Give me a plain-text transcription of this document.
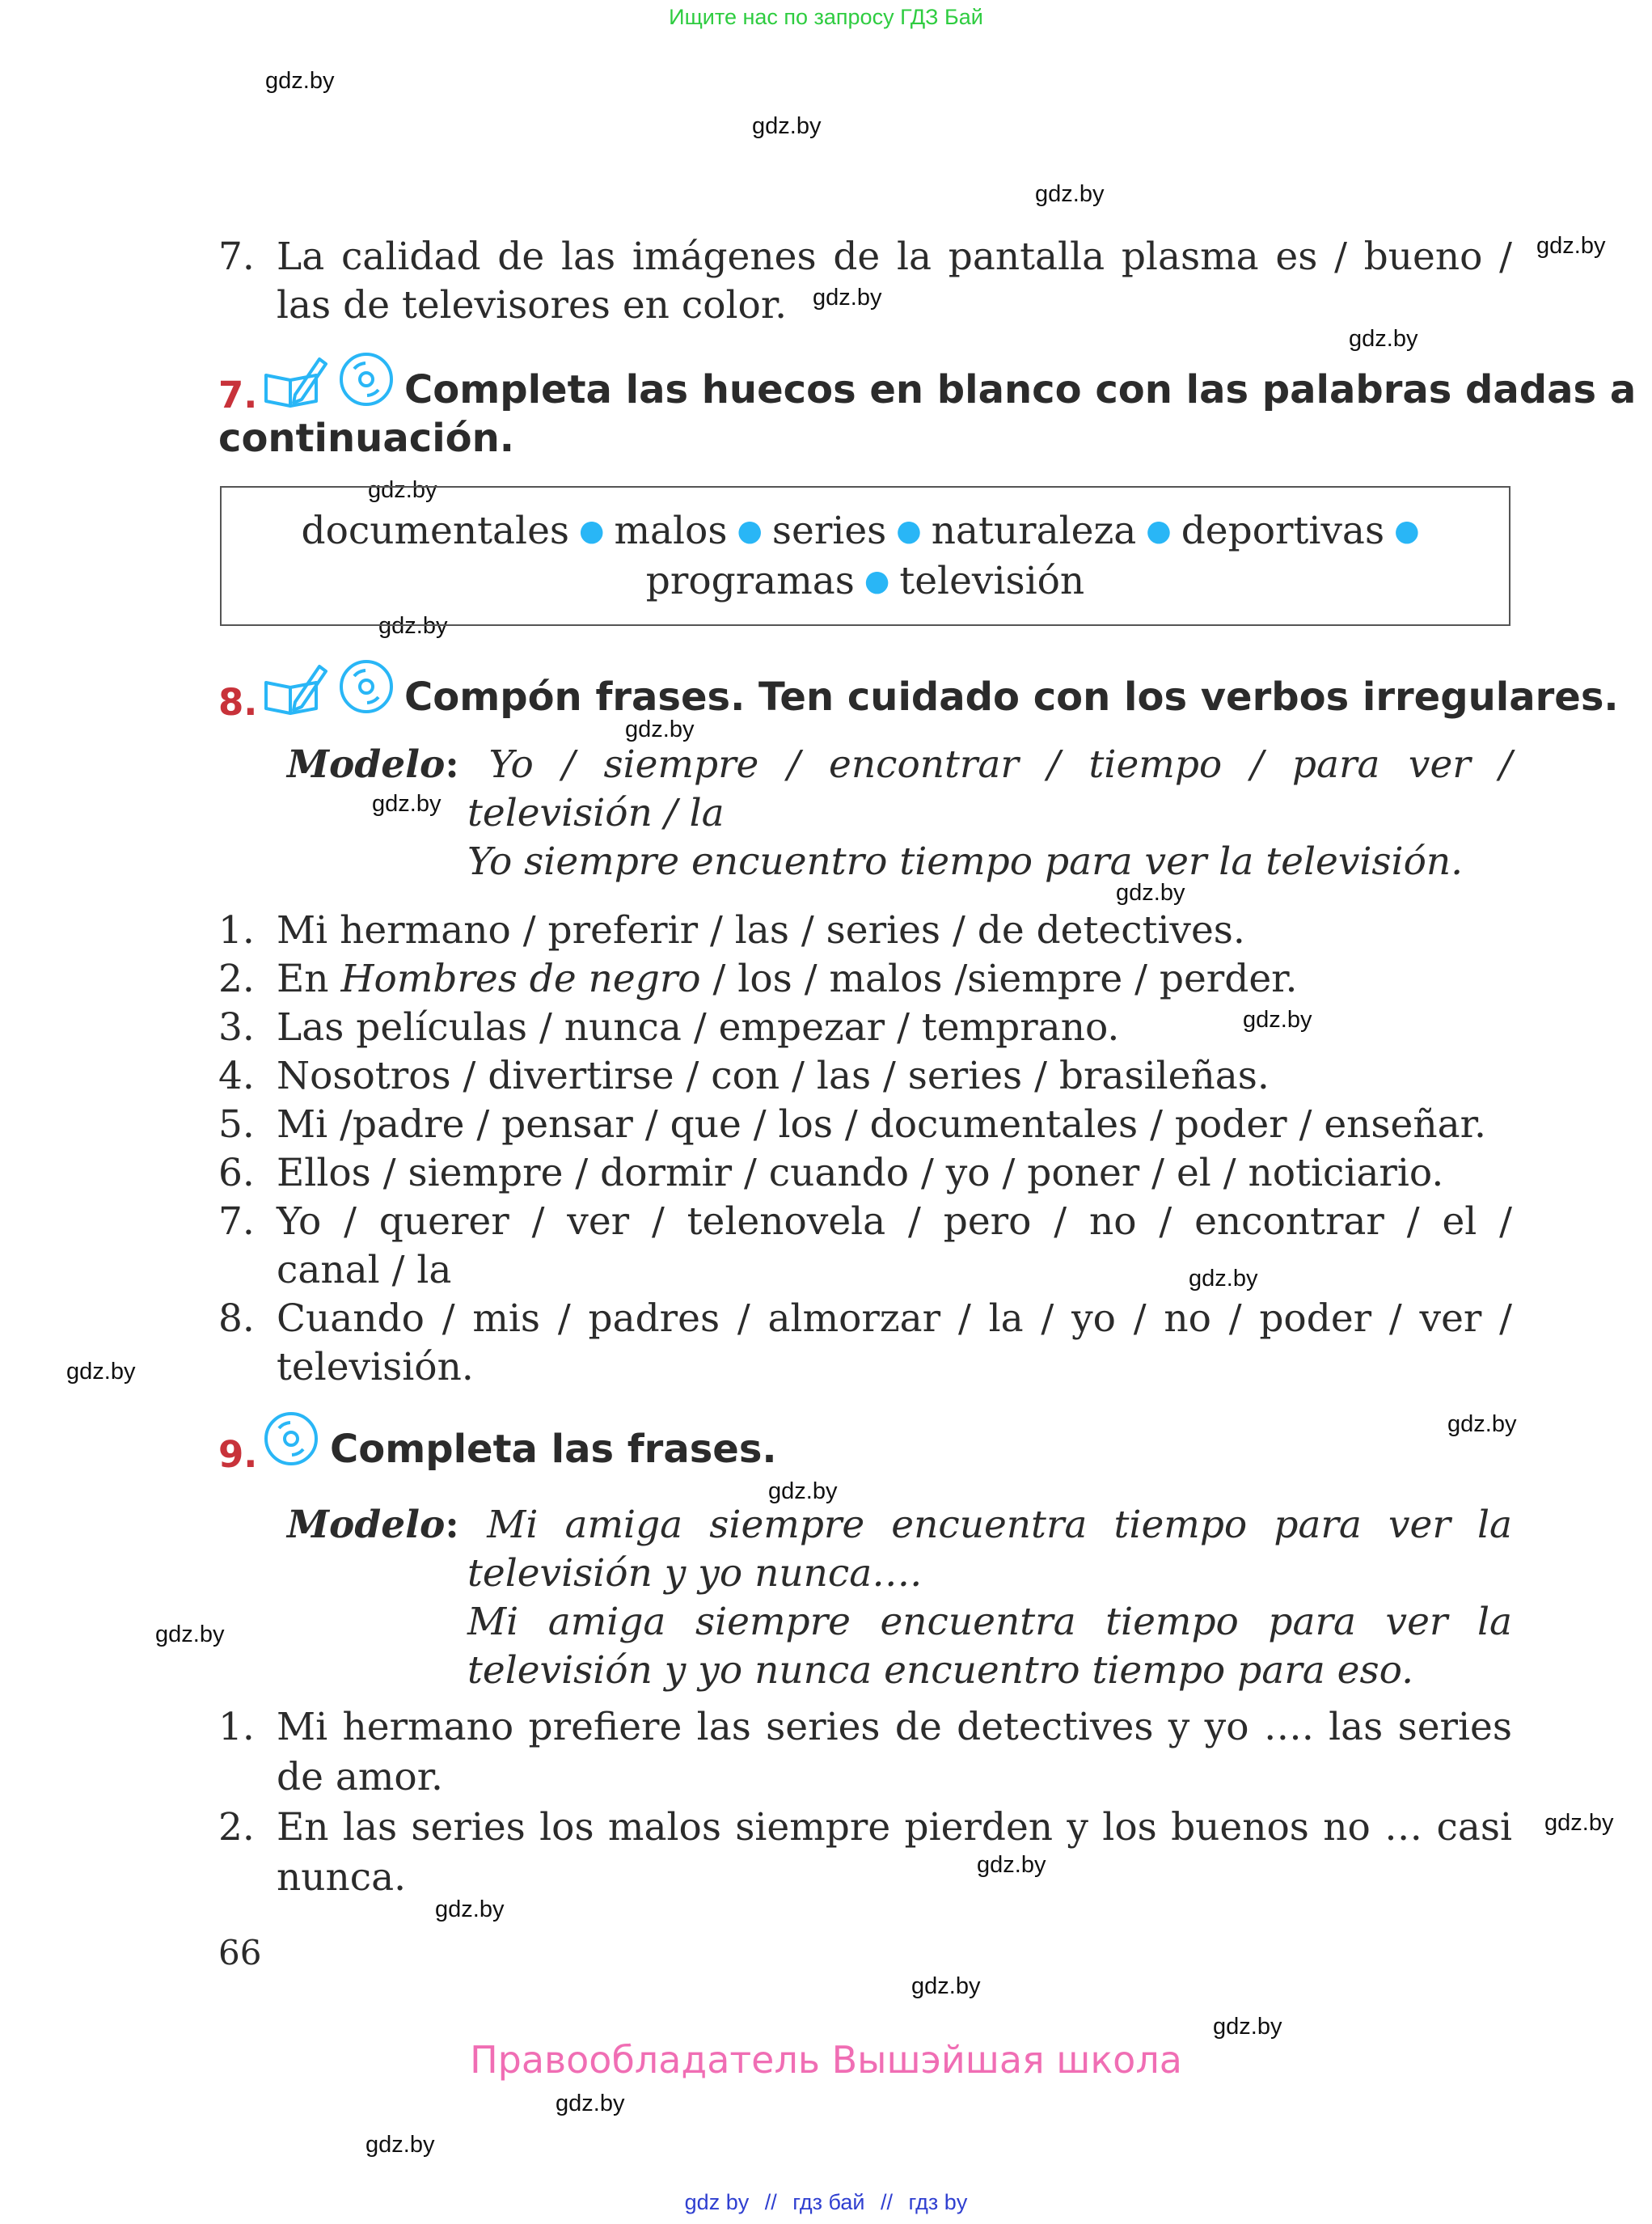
Ищите нас по запросу ГДЗ Бай
gdz.by
gdz.by
gdz.by
gdz.by
gdz.by
gdz.by
gdz.by
gdz.by
gdz.by
gdz.by
gdz.by
gdz.by
gdz.by
gdz.by
gdz.by
gdz.by
gdz.by
gdz.by
gdz.by
gdz.by
gdz.by
gdz.by
gdz.by
gdz.by
7. La calidad de las imágenes de la pantalla plasma es / bueno /
las de televisores en color.
7.	Completa las huecos en blanco con las palabras dadas a
continuación.
documentales ● malos ● series ● naturaleza ● deportivas ●
programas ● televisión
8.	Compón frases. Ten cuidado con los verbos irregulares.
Modelo: Yo / siempre / encontrar / tiempo / para ver /
televisión / la
Yo siempre encuentro tiempo para ver la televisión.
1. Mi hermano / preferir / las / series / de detectives.
2. En Hombres de negro / los / malos /siempre / perder.
3. Las películas / nunca / empezar / temprano.
4. Nosotros / divertirse / con / las / series / brasileñas.
5. Mi /padre / pensar / que / los / documentales / poder / enseñar.
6. Ellos / siempre / dormir / cuando / yo / poner / el / noticiario.
7. Yo / querer / ver / telenovela / pero / no / encontrar / el /
canal / la
8. Cuando / mis / padres / almorzar / la / yo / no / poder / ver /
televisión.
9. Completa las frases.
Modelo: Mi amiga siempre encuentra tiempo para ver la
televisión y yo nunca….
Mi amiga siempre encuentra tiempo para ver la
televisión y yo nunca encuentro tiempo para eso.
1. Mi hermano prefiere las series de detectives y yo …. las series
de amor.
2. En las series los malos siempre pierden y los buenos no … casi
nunca.
66
Правообладатель Вышэйшая школа
gdz by // гдз бай // гдз by
